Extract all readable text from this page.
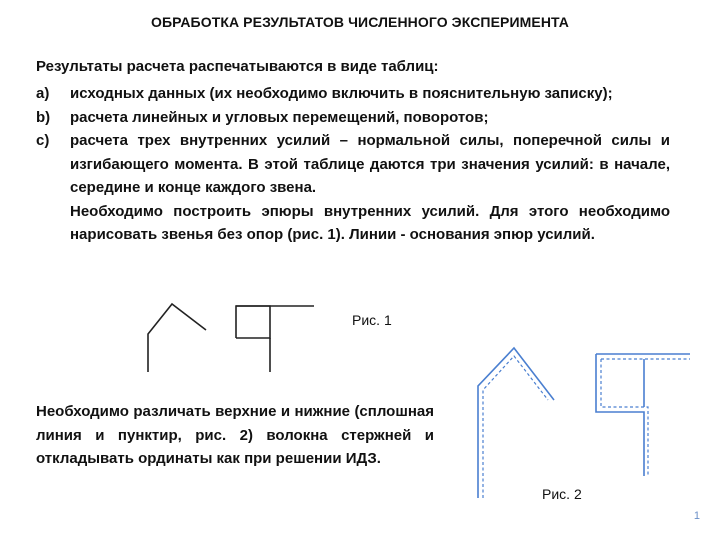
ОБРАБОТКА РЕЗУЛЬТАТОВ ЧИСЛЕННОГО ЭКСПЕРИМЕНТА
Результаты расчета распечатываются в виде таблиц:
a)	исходных данных (их необходимо включить в пояснительную записку);
b)	расчета линейных и угловых перемещений, поворотов;
c)	расчета трех внутренних усилий – нормальной силы, поперечной силы и изгибающего момента. В этой таблице даются три значения усилий: в начале, середине и конце каждого звена.
Необходимо построить эпюры внутренних усилий. Для этого необходимо нарисовать звенья без опор (рис. 1). Линии - основания эпюр усилий.
Рис. 1
Необходимо различать верхние и нижние (сплошная линия и пунктир, рис. 2) волокна стержней и откладывать ординаты как при решении ИДЗ.
Рис. 2
1
